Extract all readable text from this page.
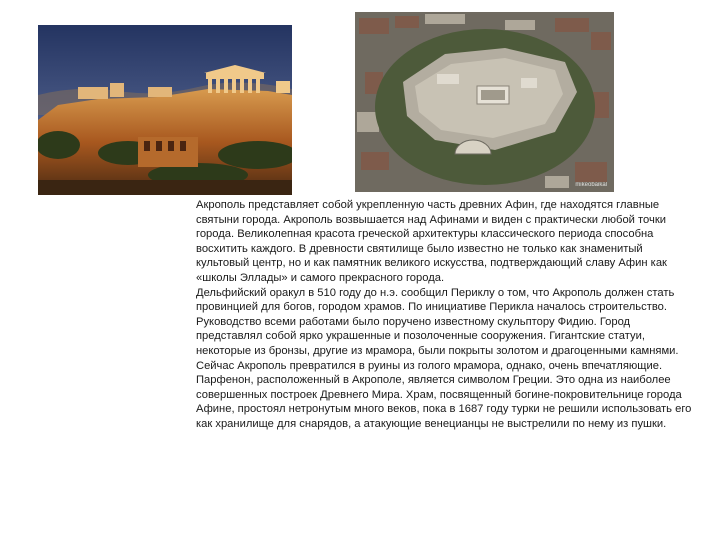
mikeobaikal

Акрополь представляет собой укрепленную часть древних Афин, где находятся главные святыни города. Акрополь возвышается над Афинами и виден с практически любой точки города. Великолепная красота греческой архитектуры классического периода способна восхитить каждого. В древности святилище было известно не только как знаменитый культовый центр, но и как памятник великого искусства, подтверждающий славу Афин как «школы Эллады» и самого прекрасного города.

Дельфийский оракул в 510 году до н.э. сообщил Периклу о том, что Акрополь должен стать провинцией для богов, городом храмов. По инициативе Перикла началось строительство. Руководство всеми работами было поручено известному скульптору Фидию. Город представлял собой ярко украшенные и позолоченные сооружения. Гигантские статуи, некоторые из бронзы, другие из мрамора, были покрыты золотом и драгоценными камнями. Сейчас Акрополь превратился в руины из голого мрамора, однако, очень впечатляющие.

Парфенон, расположенный в Акрополе, является символом Греции. Это одна из наиболее совершенных построек Древнего Мира. Храм, посвященный богине-покровительнице города Афине, простоял нетронутым много веков, пока в 1687 году турки не решили использовать его как хранилище для снарядов, а атакующие венецианцы не выстрелили по нему из пушки.
